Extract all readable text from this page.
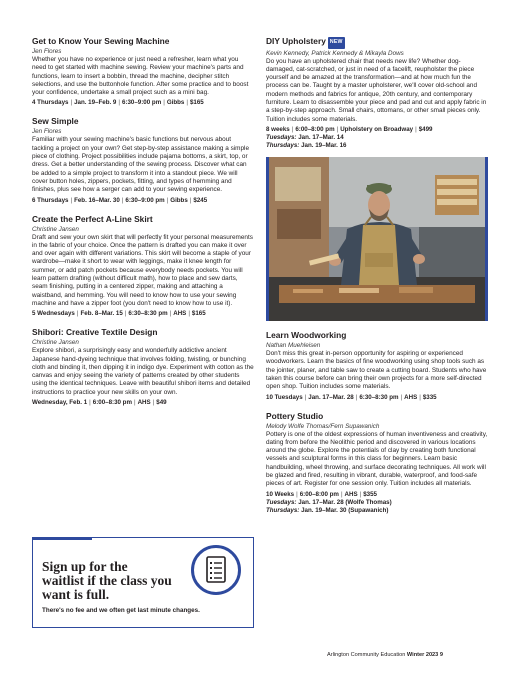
Get to Know Your Sewing Machine
Jen Flores
Whether you have no experience or just need a refresher, learn what you need to get started with machine sewing. Review your machine's parts and functions, learn to insert a bobbin, thread the machine, decipher stitch selections, and use the buttonhole function. After some practice and to boost your confidence, undertake a small project such as a mini bag.
4 Thursdays | Jan. 19–Feb. 9 | 6:30–9:00 pm | Gibbs | $165
Sew Simple
Jen Flores
Familiar with your sewing machine's basic functions but nervous about tackling a project on your own? Get step-by-step assistance making a simple piece of clothing. Project possibilities include pajama bottoms, a skirt, top, or dress. Get a better understanding of the sewing process. Discover what can be added to a simple project to transform it into a standout piece. We will cover button holes, zippers, pockets, fitting, and types of hemming and finishes, plus see how a serger can add to your sewing experience.
6 Thursdays | Feb. 16–Mar. 30 | 6:30–9:00 pm | Gibbs | $245
Create the Perfect A-Line Skirt
Christine Jansen
Draft and sew your own skirt that will perfectly fit your personal measurements in the fabric of your choice. Once the pattern is drafted you can make it over and over again with different variations. This skirt will become a staple of your wardrobe—make it short to wear with leggings, make it knee length for summer, or add patch pockets because everybody needs pockets. You will learn pattern drafting (without difficult math), how to place and sew darts, seam finishing, putting in a centered zipper, making and attaching a waistband, and hemming. You will need to know how to use your sewing machine and have a zipper foot (you don't need to know how to use it).
5 Wednesdays | Feb. 8–Mar. 15 | 6:30–8:30 pm | AHS | $165
Shibori: Creative Textile Design
Christine Jansen
Explore shibori, a surprisingly easy and wonderfully addictive ancient Japanese hand-dyeing technique that involves folding, twisting, or bunching cloth and binding it, then dipping it in indigo dye. Experiment with cotton as the canvas and enjoy seeing the variety of patterns created by other students using the identical techniques. Leave with beautiful shibori items and detailed instructions to practice your new skills on your own.
Wednesday, Feb. 1 | 6:00–8:30 pm | AHS | $49
Sign up for the waitlist if the class you want is full.
There's no fee and we often get last minute changes.
DIY Upholstery NEW
Kevin Kennedy, Patrick Kennedy & Mikayla Dows
Do you have an upholstered chair that needs new life? Whether dog-damaged, cat-scratched, or just in need of a facelift, reupholster the piece yourself and be amazed at the transformation—and at how much fun the process can be. Taught by a master upholsterer, we'll cover old-school and modern methods and fabrics for antique, 20th century, and contemporary furniture. Learn to disassemble your piece and pad and cut and apply fabric in a step-by-step approach. Small chairs, ottomans, or other small pieces only. Tuition includes some materials.
8 weeks | 6:00–8:00 pm | Upholstery on Broadway | $499
Tuesdays: Jan. 17–Mar. 14
Thursdays: Jan. 19–Mar. 16
Learn Woodworking
Nathan Muehleisen
Don't miss this great in-person opportunity for aspiring or experienced woodworkers. Learn the basics of fine woodworking using shop tools such as the jointer, planer, and table saw to create a cutting board. Students who have taken this course before can bring their own projects for a more self-directed open shop. Tuition includes some materials.
10 Tuesdays | Jan. 17–Mar. 28 | 6:30–8:30 pm | AHS | $335
Pottery Studio
Melody Wolfe Thomas/Fern Supawanich
Pottery is one of the oldest expressions of human inventiveness and creativity, dating from before the Neolithic period and discovered in various locations around the globe. Explore the potentials of clay by creating both functional vessels and sculptural forms in this class for beginners. Learn basic handbuilding, wheel throwing, and surface decorating techniques. All work will be glazed and fired, resulting in vibrant, durable, waterproof, and food-safe pieces of art. Register for one session only. Tuition includes all materials.
10 Weeks | 6:00–8:00 pm | AHS | $355
Tuesdays: Jan. 17–Mar. 28 (Wolfe Thomas)
Thursdays: Jan. 19–Mar. 30 (Supawanich)
Arlington Community Education Winter 2023 9
